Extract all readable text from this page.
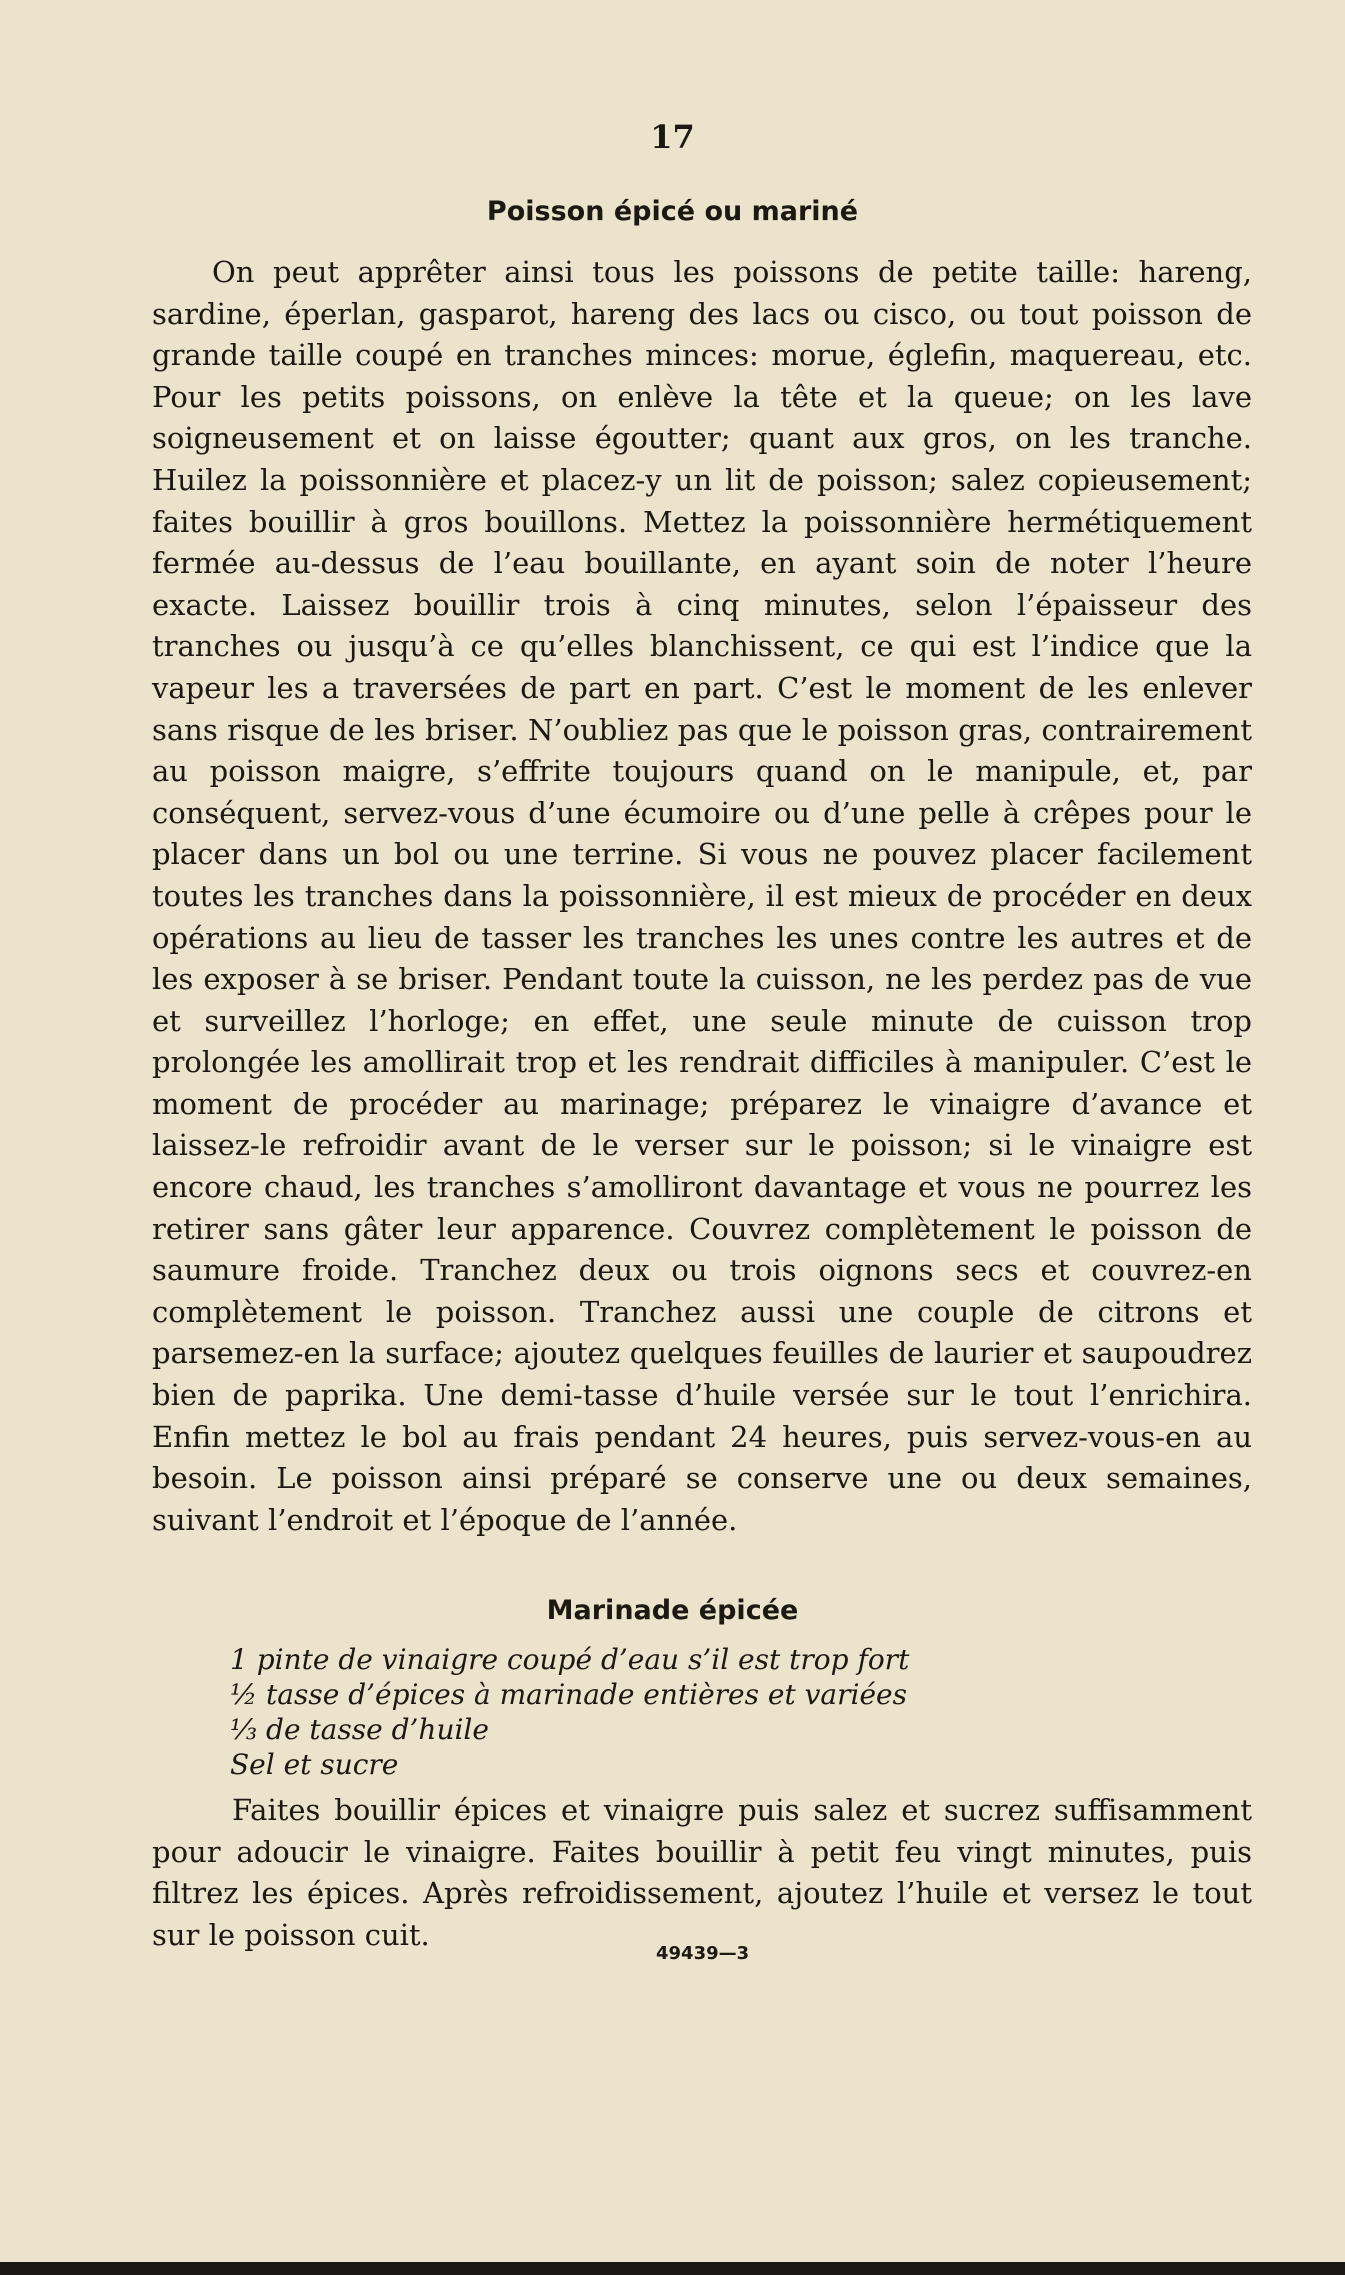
17
Poisson épicé ou mariné

On peut apprêter ainsi tous les poissons de petite taille: hareng, sardine, éperlan, gasparot, hareng des lacs ou cisco, ou tout poisson de grande taille coupé en tranches minces: morue, églefin, maquereau, etc. Pour les petits poissons, on enlève la tête et la queue; on les lave soigneusement et on laisse égoutter; quant aux gros, on les tranche. Huilez la poissonnière et placez-y un lit de poisson; salez copieusement; faites bouillir à gros bouillons. Mettez la poissonnière hermétiquement fermée au-dessus de l’eau bouillante, en ayant soin de noter l’heure exacte. Laissez bouillir trois à cinq minutes, selon l’épaisseur des tranches ou jusqu’à ce qu’elles blanchissent, ce qui est l’indice que la vapeur les a traversées de part en part. C’est le moment de les enlever sans risque de les briser. N’oubliez pas que le poisson gras, contrairement au poisson maigre, s’effrite toujours quand on le manipule, et, par conséquent, servez-vous d’une écumoire ou d’une pelle à crêpes pour le placer dans un bol ou une terrine. Si vous ne pouvez placer facilement toutes les tranches dans la poissonnière, il est mieux de procéder en deux opérations au lieu de tasser les tranches les unes contre les autres et de les exposer à se briser. Pendant toute la cuisson, ne les perdez pas de vue et surveillez l’horloge; en effet, une seule minute de cuisson trop prolongée les amollirait trop et les rendrait difficiles à manipuler. C’est le moment de procéder au marinage; préparez le vinaigre d’avance et laissez-le refroidir avant de le verser sur le poisson; si le vinaigre est encore chaud, les tranches s’amolliront davantage et vous ne pourrez les retirer sans gâter leur apparence. Couvrez complètement le poisson de saumure froide. Tranchez deux ou trois oignons secs et couvrez-en complètement le poisson. Tranchez aussi une couple de citrons et parsemez-en la surface; ajoutez quelques feuilles de laurier et saupoudrez bien de paprika. Une demi-tasse d’huile versée sur le tout l’enrichira. Enfin mettez le bol au frais pendant 24 heures, puis servez-vous-en au besoin. Le poisson ainsi préparé se conserve une ou deux semaines, suivant l’endroit et l’époque de l’année.

Marinade épicée
1 pinte de vinaigre coupé d’eau s’il est trop fort
½ tasse d’épices à marinade entières et variées
⅓ de tasse d’huile
Sel et sucre

Faites bouillir épices et vinaigre puis salez et sucrez suffisamment pour adoucir le vinaigre. Faites bouillir à petit feu vingt minutes, puis filtrez les épices. Après refroidissement, ajoutez l’huile et versez le tout sur le poisson cuit.

49439—3
